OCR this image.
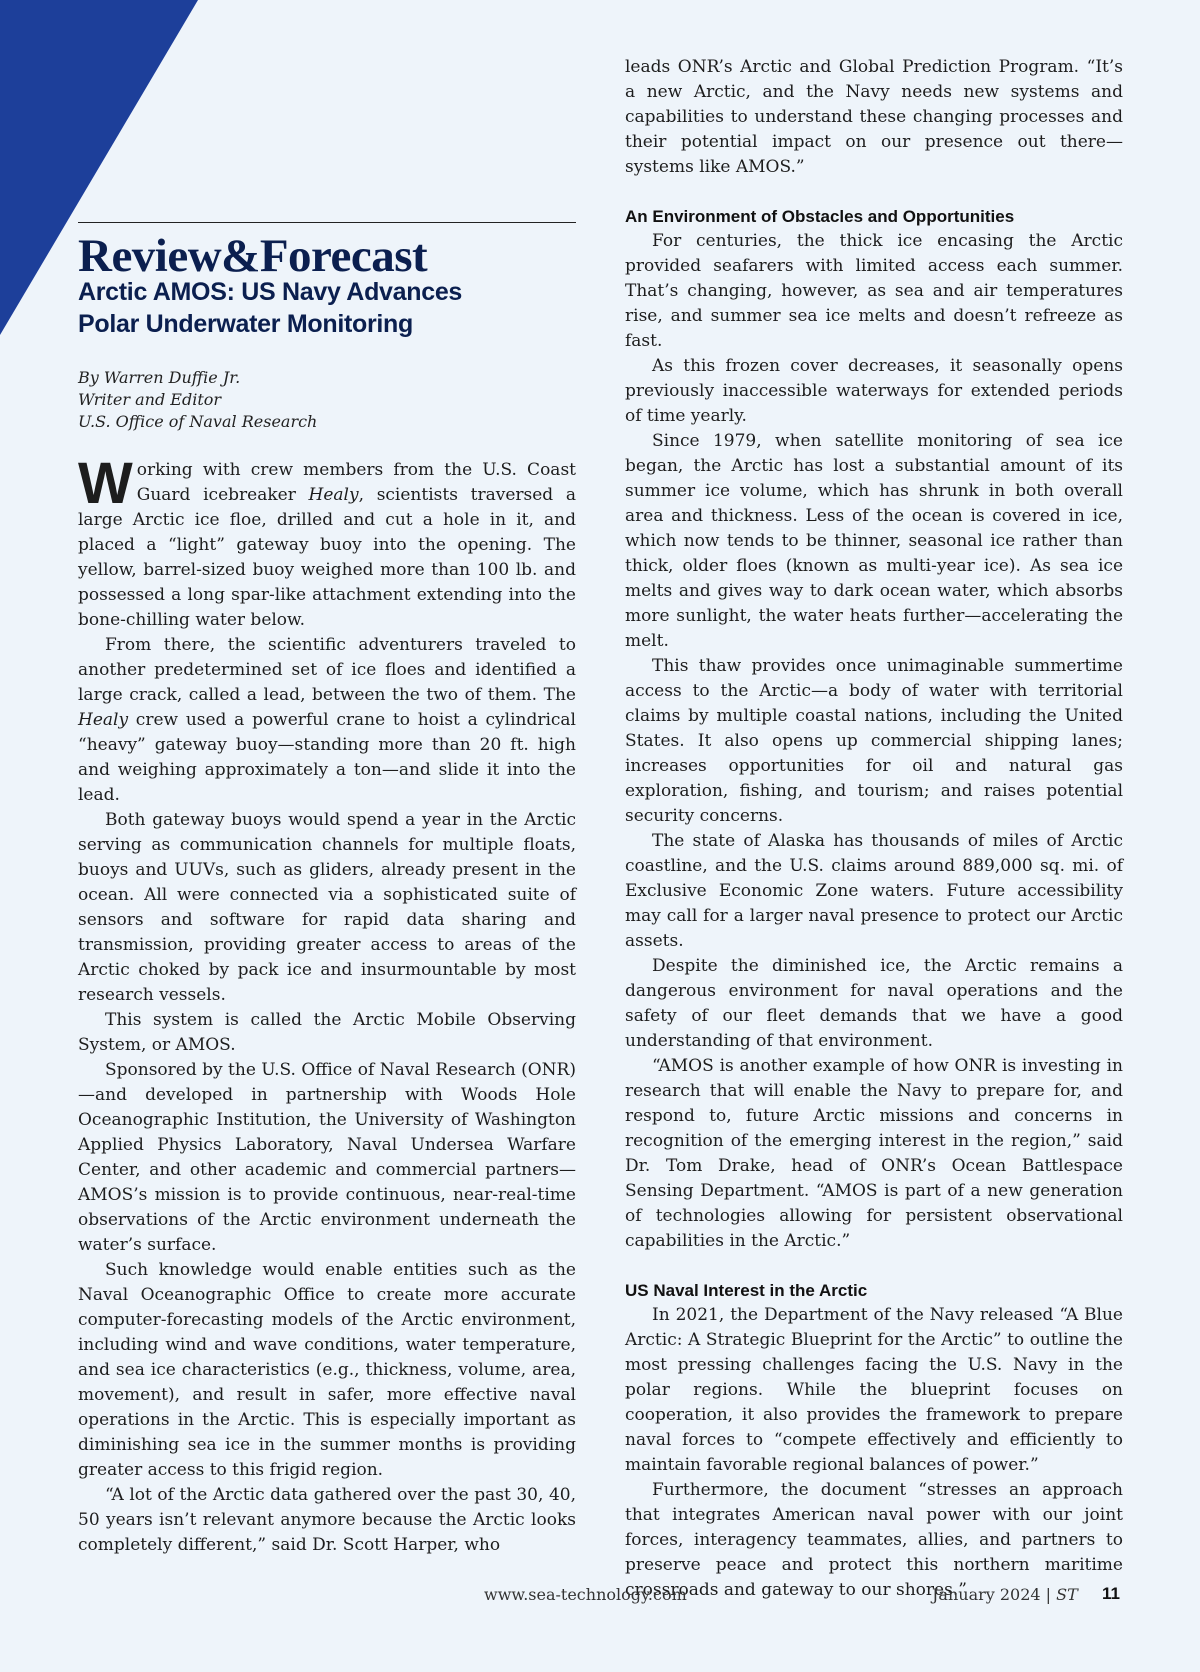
Review&Forecast
Arctic AMOS: US Navy Advances
Polar Underwater Monitoring
By Warren Duffie Jr.
Writer and Editor
U.S. Office of Naval Research

Working with crew members from the U.S. Coast Guard icebreaker Healy, scientists traversed a large Arctic ice floe, drilled and cut a hole in it, and placed a “light” gateway buoy into the opening. The yellow, barrel-sized buoy weighed more than 100 lb. and possessed a long spar-like attachment extending into the bone-chilling water below.

From there, the scientific adventurers traveled to another predetermined set of ice floes and identified a large crack, called a lead, between the two of them. The Healy crew used a powerful crane to hoist a cylindrical “heavy” gateway buoy—standing more than 20 ft. high and weighing approximately a ton—and slide it into the lead.

Both gateway buoys would spend a year in the Arctic serving as communication channels for multiple floats, buoys and UUVs, such as gliders, already present in the ocean. All were connected via a sophisticated suite of sensors and software for rapid data sharing and transmission, providing greater access to areas of the Arctic choked by pack ice and insurmountable by most research vessels.

This system is called the Arctic Mobile Observing System, or AMOS.

Sponsored by the U.S. Office of Naval Research (ONR)—and developed in partnership with Woods Hole Oceanographic Institution, the University of Washington Applied Physics Laboratory, Naval Undersea Warfare Center, and other academic and commercial partners—AMOS’s mission is to provide continuous, near-real-time observations of the Arctic environment underneath the water’s surface.

Such knowledge would enable entities such as the Naval Oceanographic Office to create more accurate computer-forecasting models of the Arctic environment, including wind and wave conditions, water temperature, and sea ice characteristics (e.g., thickness, volume, area, movement), and result in safer, more effective naval operations in the Arctic. This is especially important as diminishing sea ice in the summer months is providing greater access to this frigid region.

“A lot of the Arctic data gathered over the past 30, 40, 50 years isn’t relevant anymore because the Arctic looks completely different,” said Dr. Scott Harper, who

leads ONR’s Arctic and Global Prediction Program. “It’s a new Arctic, and the Navy needs new systems and capabilities to understand these changing processes and their potential impact on our presence out there—systems like AMOS.”

An Environment of Obstacles and Opportunities

For centuries, the thick ice encasing the Arctic provided seafarers with limited access each summer. That’s changing, however, as sea and air temperatures rise, and summer sea ice melts and doesn’t refreeze as fast.

As this frozen cover decreases, it seasonally opens previously inaccessible waterways for extended periods of time yearly.

Since 1979, when satellite monitoring of sea ice began, the Arctic has lost a substantial amount of its summer ice volume, which has shrunk in both overall area and thickness. Less of the ocean is covered in ice, which now tends to be thinner, seasonal ice rather than thick, older floes (known as multi-year ice). As sea ice melts and gives way to dark ocean water, which absorbs more sunlight, the water heats further—accelerating the melt.

This thaw provides once unimaginable summertime access to the Arctic—a body of water with territorial claims by multiple coastal nations, including the United States. It also opens up commercial shipping lanes; increases opportunities for oil and natural gas exploration, fishing, and tourism; and raises potential security concerns.

The state of Alaska has thousands of miles of Arctic coastline, and the U.S. claims around 889,000 sq. mi. of Exclusive Economic Zone waters. Future accessibility may call for a larger naval presence to protect our Arctic assets.

Despite the diminished ice, the Arctic remains a dangerous environment for naval operations and the safety of our fleet demands that we have a good understanding of that environment.

“AMOS is another example of how ONR is investing in research that will enable the Navy to prepare for, and respond to, future Arctic missions and concerns in recognition of the emerging interest in the region,” said Dr. Tom Drake, head of ONR’s Ocean Battlespace Sensing Department. “AMOS is part of a new generation of technologies allowing for persistent observational capabilities in the Arctic.”

US Naval Interest in the Arctic

In 2021, the Department of the Navy released “A Blue Arctic: A Strategic Blueprint for the Arctic” to outline the most pressing challenges facing the U.S. Navy in the polar regions. While the blueprint focuses on cooperation, it also provides the framework to prepare naval forces to “compete effectively and efficiently to maintain favorable regional balances of power.”

Furthermore, the document “stresses an approach that integrates American naval power with our joint forces, interagency teammates, allies, and partners to preserve peace and protect this northern maritime crossroads and gateway to our shores.”

www.sea-technology.com	January 2024 | ST 11
